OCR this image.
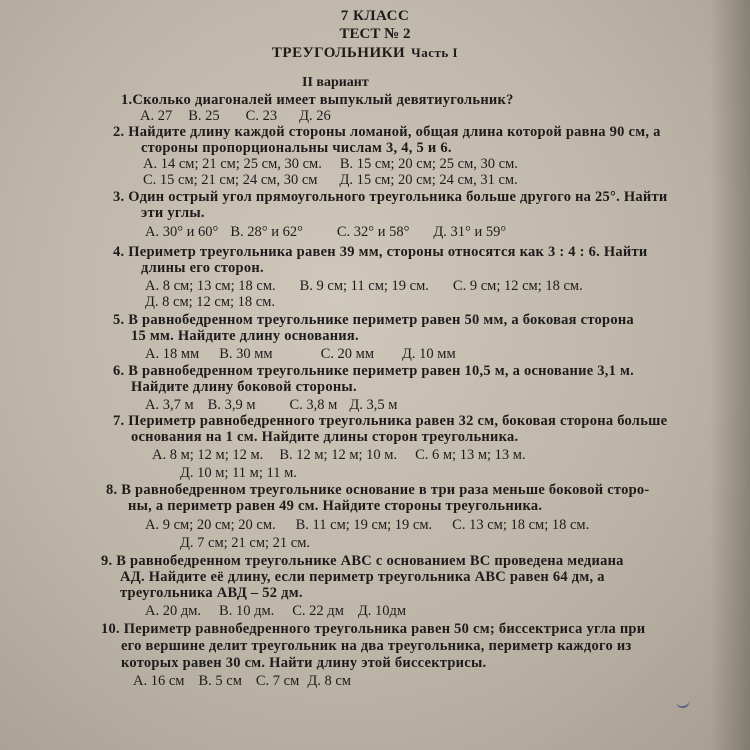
7 КЛАСС
ТЕСТ № 2
ТРЕУГОЛЬНИКИ Часть I
II вариант
1.Сколько диагоналей имеет выпуклый девятиугольник?
А. 27 В. 25 С. 23 Д. 26
2. Найдите длину каждой стороны ломаной, общая длина которой равна 90 см, а
стороны пропорциональны числам 3, 4, 5 и 6.
А. 14 см; 21 см; 25 см, 30 см. В. 15 см; 20 см; 25 см, 30 см.
С. 15 см; 21 см; 24 см, 30 см Д. 15 см; 20 см; 24 см, 31 см.
3. Один острый угол прямоугольного треугольника больше другого на 25°. Найти
эти углы.
А. 30° и 60° В. 28° и 62° С. 32° и 58° Д. 31° и 59°
4. Периметр треугольника равен 39 мм, стороны относятся как 3 : 4 : 6. Найти
длины его сторон.
А. 8 см; 13 см; 18 см. В. 9 см; 11 см; 19 см. С. 9 см; 12 см; 18 см.
Д. 8 см; 12 см; 18 см.
5. В равнобедренном треугольнике периметр равен 50 мм, а боковая сторона
15 мм. Найдите длину основания.
А. 18 мм В. 30 мм	С. 20 мм Д. 10 мм
6. В равнобедренном треугольнике периметр равен 10,5 м, а основание 3,1 м.
Найдите длину боковой стороны.
А. 3,7 м В. 3,9 м С. 3,8 м Д. 3,5 м
7. Периметр равнобедренного треугольника равен 32 см, боковая сторона больше
основания на 1 см. Найдите длины сторон треугольника.
А. 8 м; 12 м; 12 м. В. 12 м; 12 м; 10 м. С. 6 м; 13 м; 13 м.
Д. 10 м; 11 м; 11 м.
8. В равнобедренном треугольнике основание в три раза меньше боковой сторо-
ны, а периметр равен 49 см. Найдите стороны треугольника.
А. 9 см; 20 см; 20 см. В. 11 см; 19 см; 19 см. С. 13 см; 18 см; 18 см.
Д. 7 см; 21 см; 21 см.
9. В равнобедренном треугольнике АВС с основанием ВС проведена медиана
АД. Найдите её длину, если периметр треугольника АВС равен 64 дм, а
треугольника АВД – 52 дм.
А. 20 дм. В. 10 дм. С. 22 дм Д. 10дм
10. Периметр равнобедренного треугольника равен 50 см; биссектриса угла при
его вершине делит треугольник на два треугольника, периметр каждого из
которых равен 30 см. Найти длину этой биссектрисы.
А. 16 см В. 5 см С. 7 см Д. 8 см
